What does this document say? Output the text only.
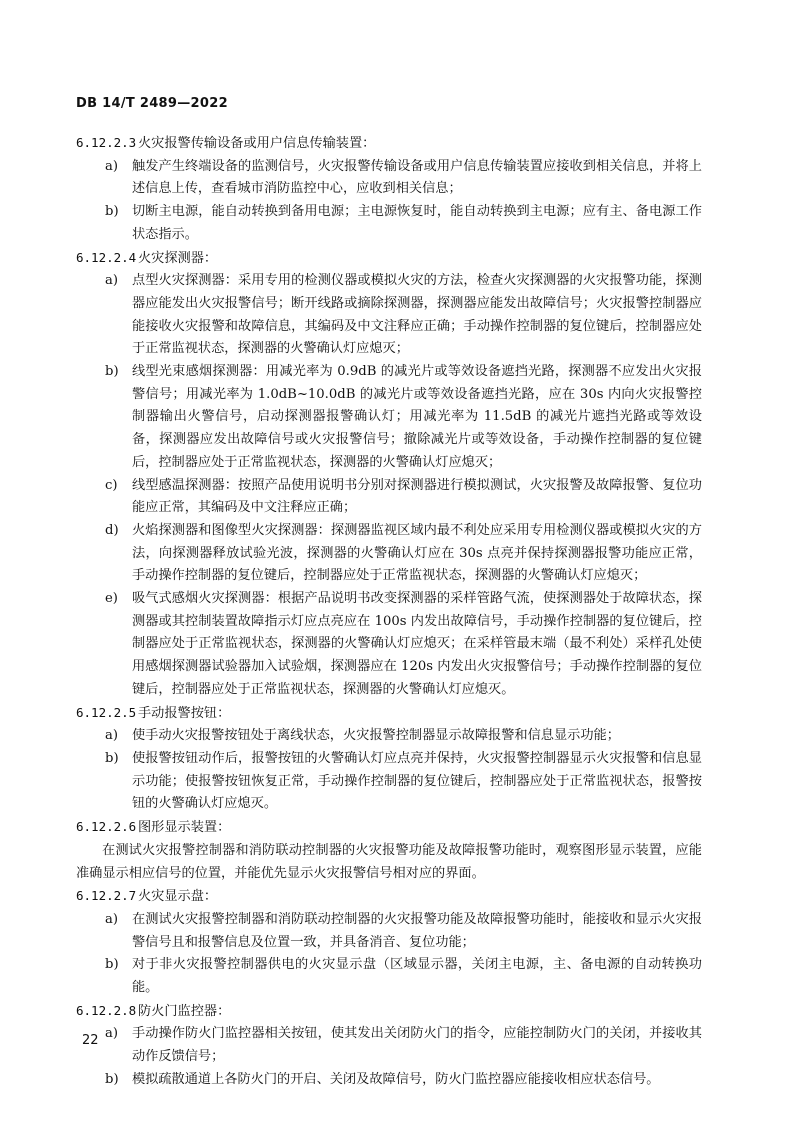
DB 14/T 2489—2022

6.12.2.3 火灾报警传输设备或用户信息传输装置：

a) 触发产生终端设备的监测信号，火灾报警传输设备或用户信息传输装置应接收到相关信息，并将上述信息上传，查看城市消防监控中心，应收到相关信息；

b) 切断主电源，能自动转换到备用电源；主电源恢复时，能自动转换到主电源；应有主、备电源工作状态指示。

6.12.2.4 火灾探测器：

a) 点型火灾探测器：采用专用的检测仪器或模拟火灾的方法，检查火灾探测器的火灾报警功能，探测器应能发出火灾报警信号；断开线路或摘除探测器，探测器应能发出故障信号；火灾报警控制器应能接收火灾报警和故障信息，其编码及中文注释应正确；手动操作控制器的复位键后，控制器应处于正常监视状态，探测器的火警确认灯应熄灭；

b) 线型光束感烟探测器：用减光率为 0.9dB 的减光片或等效设备遮挡光路，探测器不应发出火灾报警信号；用减光率为 1.0dB~10.0dB 的减光片或等效设备遮挡光路，应在 30s 内向火灾报警控制器输出火警信号，启动探测器报警确认灯；用减光率为 11.5dB 的减光片遮挡光路或等效设备，探测器应发出故障信号或火灾报警信号；撤除减光片或等效设备，手动操作控制器的复位键后，控制器应处于正常监视状态，探测器的火警确认灯应熄灭；

c) 线型感温探测器：按照产品使用说明书分别对探测器进行模拟测试，火灾报警及故障报警、复位功能应正常，其编码及中文注释应正确；

d) 火焰探测器和图像型火灾探测器：探测器监视区域内最不利处应采用专用检测仪器或模拟火灾的方法，向探测器释放试验光波，探测器的火警确认灯应在 30s 点亮并保持探测器报警功能应正常，手动操作控制器的复位键后，控制器应处于正常监视状态，探测器的火警确认灯应熄灭；

e) 吸气式感烟火灾探测器：根据产品说明书改变探测器的采样管路气流，使探测器处于故障状态，探测器或其控制装置故障指示灯应点亮应在 100s 内发出故障信号，手动操作控制器的复位键后，控制器应处于正常监视状态，探测器的火警确认灯应熄灭；在采样管最末端（最不利处）采样孔处使用感烟探测器试验器加入试验烟，探测器应在 120s 内发出火灾报警信号；手动操作控制器的复位键后，控制器应处于正常监视状态，探测器的火警确认灯应熄灭。

6.12.2.5 手动报警按钮：

a) 使手动火灾报警按钮处于离线状态，火灾报警控制器显示故障报警和信息显示功能；

b) 使报警按钮动作后，报警按钮的火警确认灯应点亮并保持，火灾报警控制器显示火灾报警和信息显示功能；使报警按钮恢复正常，手动操作控制器的复位键后，控制器应处于正常监视状态，报警按钮的火警确认灯应熄灭。

6.12.2.6 图形显示装置：

在测试火灾报警控制器和消防联动控制器的火灾报警功能及故障报警功能时，观察图形显示装置，应能准确显示相应信号的位置，并能优先显示火灾报警信号相对应的界面。

6.12.2.7 火灾显示盘：

a) 在测试火灾报警控制器和消防联动控制器的火灾报警功能及故障报警功能时，能接收和显示火灾报警信号且和报警信息及位置一致，并具备消音、复位功能；

b) 对于非火灾报警控制器供电的火灾显示盘（区域显示器，关闭主电源，主、备电源的自动转换功能。

6.12.2.8 防火门监控器：

a) 手动操作防火门监控器相关按钮，使其发出关闭防火门的指令，应能控制防火门的关闭，并接收其动作反馈信号；

b) 模拟疏散通道上各防火门的开启、关闭及故障信号，防火门监控器应能接收相应状态信号。

22
